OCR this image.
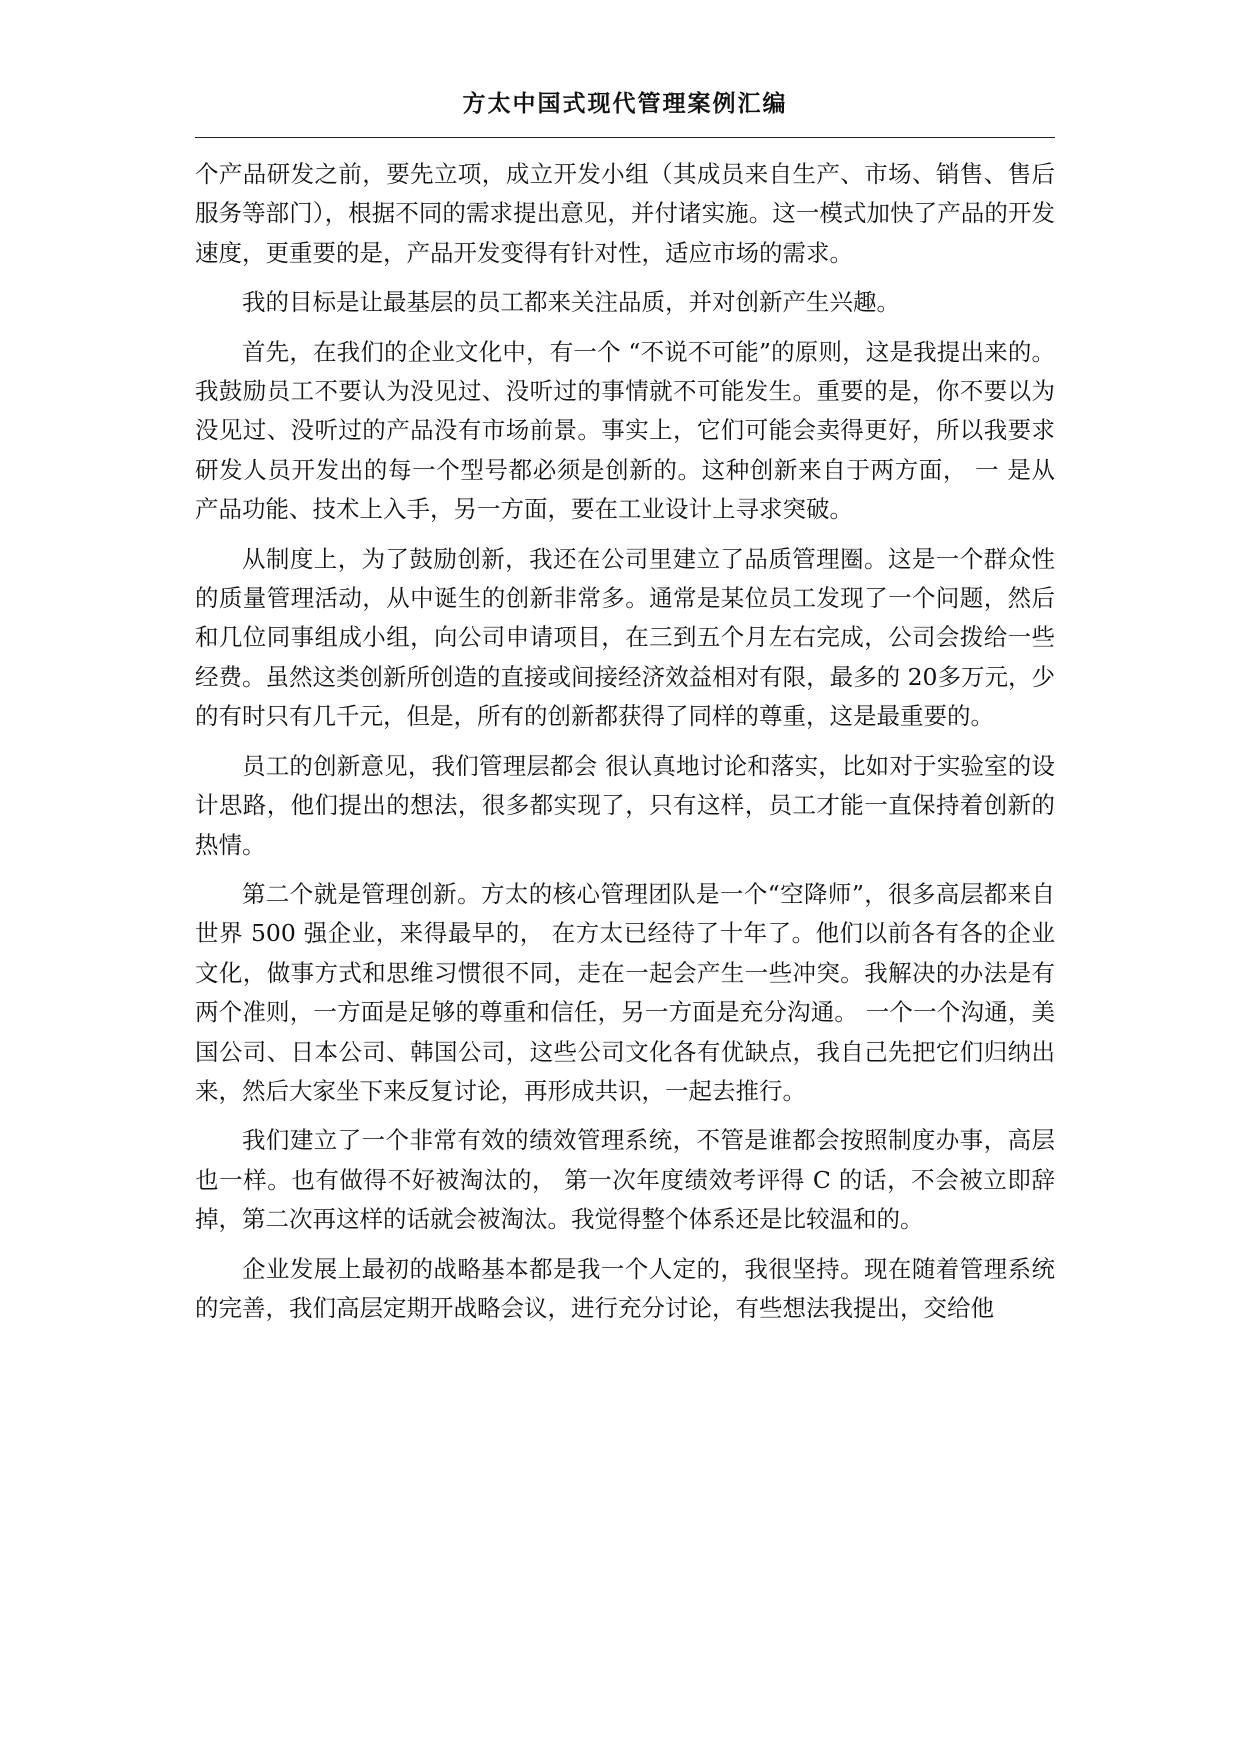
方太中国式现代管理案例汇编

个产品研发之前，要先立项，成立开发小组（其成员来自生产、市场、销售、售后服务等部门），根据不同的需求提出意见，并付诸实施。这一模式加快了产品的开发速度，更重要的是，产品开发变得有针对性，适应市场的需求。

我的目标是让最基层的员工都来关注品质，并对创新产生兴趣。

首先，在我们的企业文化中，有一个 “不说不可能”的原则，这是我提出来的。我鼓励员工不要认为没见过、没听过的事情就不可能发生。重要的是，你不要以为没见过、没听过的产品没有市场前景。事实上，它们可能会卖得更好，所以我要求研发人员开发出的每一个型号都必须是创新的。这种创新来自于两方面， 一 是从产品功能、技术上入手，另一方面，要在工业设计上寻求突破。

从制度上，为了鼓励创新，我还在公司里建立了品质管理圈。这是一个群众性的质量管理活动，从中诞生的创新非常多。通常是某位员工发现了一个问题，然后和几位同事组成小组，向公司申请项目，在三到五个月左右完成，公司会拨给一些经费。虽然这类创新所创造的直接或间接经济效益相对有限，最多的 20多万元，少的有时只有几千元，但是，所有的创新都获得了同样的尊重，这是最重要的。

员工的创新意见，我们管理层都会 很认真地讨论和落实，比如对于实验室的设计思路，他们提出的想法，很多都实现了，只有这样，员工才能一直保持着创新的热情。

第二个就是管理创新。方太的核心管理团队是一个“空降师”，很多高层都来自世界 500 强企业，来得最早的， 在方太已经待了十年了。他们以前各有各的企业文化，做事方式和思维习惯很不同，走在一起会产生一些冲突。我解决的办法是有两个准则，一方面是足够的尊重和信任，另一方面是充分沟通。 一个一个沟通，美国公司、日本公司、韩国公司，这些公司文化各有优缺点，我自己先把它们归纳出来，然后大家坐下来反复讨论，再形成共识，一起去推行。

我们建立了一个非常有效的绩效管理系统，不管是谁都会按照制度办事，高层也一样。也有做得不好被淘汰的， 第一次年度绩效考评得 C 的话，不会被立即辞掉，第二次再这样的话就会被淘汰。我觉得整个体系还是比较温和的。

企业发展上最初的战略基本都是我一个人定的，我很坚持。现在随着管理系统的完善，我们高层定期开战略会议，进行充分讨论，有些想法我提出，交给他
